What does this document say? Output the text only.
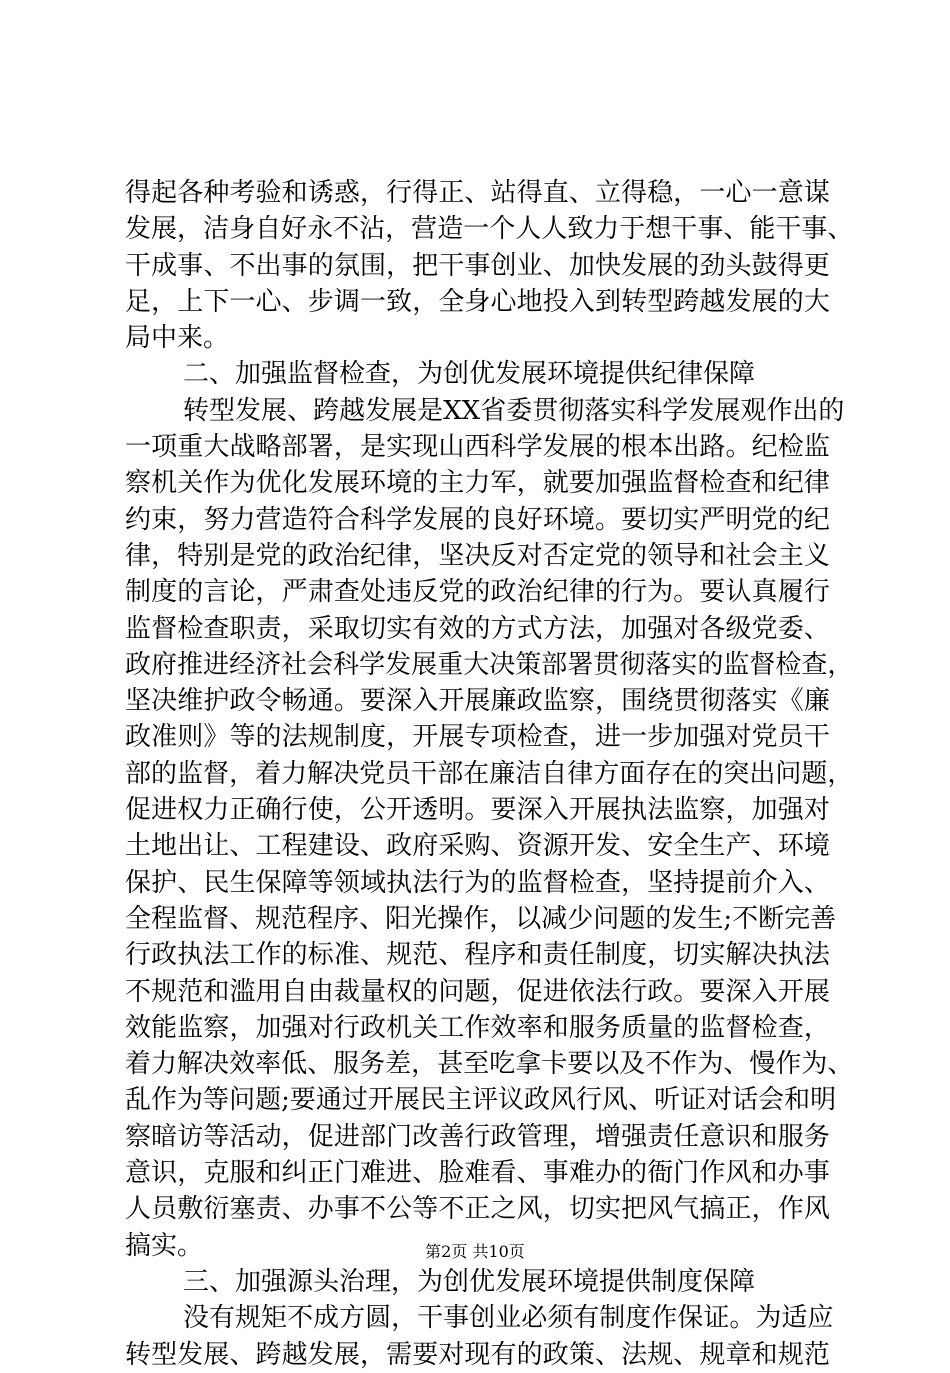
得 起 各 种 考 验 和 诱 惑 ， 行 得 正 、 站 得 直 、 立 得 稳 ， 一 心 一 意 谋
发 展 ， 洁 身 自 好 永 不 沾 ， 营 造 一 个 人 人 致 力 于 想 干 事 、 能 干 事 、
干 成 事 、 不 出 事 的 氛 围 ， 把 干 事 创 业 、 加 快 发 展 的 劲 头 鼓 得 更
足 ， 上 下 一 心 、 步 调 一 致 ， 全 身 心 地 投 入 到 转 型 跨 越 发 展 的 大
局中来。
二、加强监督检查，为创优发展环境提供纪律保障
转 型 发 展 、 跨 越 发 展 是 XX 省 委 贯 彻 落 实 科 学 发 展 观 作 出 的
一 项 重 大 战 略 部 署 ， 是 实 现 山 西 科 学 发 展 的 根 本 出 路 。 纪 检 监
察 机 关 作 为 优 化 发 展 环 境 的 主 力 军 ， 就 要 加 强 监 督 检 查 和 纪 律
约 束 ， 努 力 营 造 符 合 科 学 发 展 的 良 好 环 境 。 要 切 实 严 明 党 的 纪
律 ， 特 别 是 党 的 政 治 纪 律 ， 坚 决 反 对 否 定 党 的 领 导 和 社 会 主 义
制 度 的 言 论 ， 严 肃 查 处 违 反 党 的 政 治 纪 律 的 行 为 。 要 认 真 履 行
监 督 检 查 职 责 ， 采 取 切 实 有 效 的 方 式 方 法 ， 加 强 对 各 级 党 委 、
政 府 推 进 经 济 社 会 科 学 发 展 重 大 决 策 部 署 贯 彻 落 实 的 监 督 检 查 ，
坚 决 维 护 政 令 畅 通 。 要 深 入 开 展 廉 政 监 察 ， 围 绕 贯 彻 落 实 《 廉
政 准 则 》 等 的 法 规 制 度 ， 开 展 专 项 检 查 ， 进 一 步 加 强 对 党 员 干
部 的 监 督 ， 着 力 解 决 党 员 干 部 在 廉 洁 自 律 方 面 存 在 的 突 出 问 题 ，
促 进 权 力 正 确 行 使 ， 公 开 透 明 。 要 深 入 开 展 执 法 监 察 ， 加 强 对
土 地 出 让 、 工 程 建 设 、 政 府 采 购 、 资 源 开 发 、 安 全 生 产 、 环 境
保 护 、 民 生 保 障 等 领 域 执 法 行 为 的 监 督 检 查 ， 坚 持 提 前 介 入 、
全 程 监 督 、 规 范 程 序 、 阳 光 操 作 ， 以 减 少 问 题 的 发 生 ; 不 断 完 善
行 政 执 法 工 作 的 标 准 、 规 范 、 程 序 和 责 任 制 度 ， 切 实 解 决 执 法
不 规 范 和 滥 用 自 由 裁 量 权 的 问 题 ， 促 进 依 法 行 政 。 要 深 入 开 展
效 能 监 察 ， 加 强 对 行 政 机 关 工 作 效 率 和 服 务 质 量 的 监 督 检 查 ，
着 力 解 决 效 率 低 、 服 务 差 ， 甚 至 吃 拿 卡 要 以 及 不 作 为 、 慢 作 为 、
乱 作 为 等 问 题 ; 要 通 过 开 展 民 主 评 议 政 风 行 风 、 听 证 对 话 会 和 明
察 暗 访 等 活 动 ， 促 进 部 门 改 善 行 政 管 理 ， 增 强 责 任 意 识 和 服 务
意 识 ， 克 服 和 纠 正 门 难 进 、 脸 难 看 、 事 难 办 的 衙 门 作 风 和 办 事
人 员 敷 衍 塞 责 、 办 事 不 公 等 不 正 之 风 ， 切 实 把 风 气 搞 正 ， 作 风
搞实。
三、加强源头治理，为创优发展环境提供制度保障
没 有 规 矩 不 成 方 圆 ， 干 事 创 业 必 须 有 制 度 作 保 证 。 为 适 应
转 型 发 展 、 跨 越 发 展 ， 需 要 对 现 有 的 政 策 、 法 规 、 规 章 和 规 范
第2页 共10页
